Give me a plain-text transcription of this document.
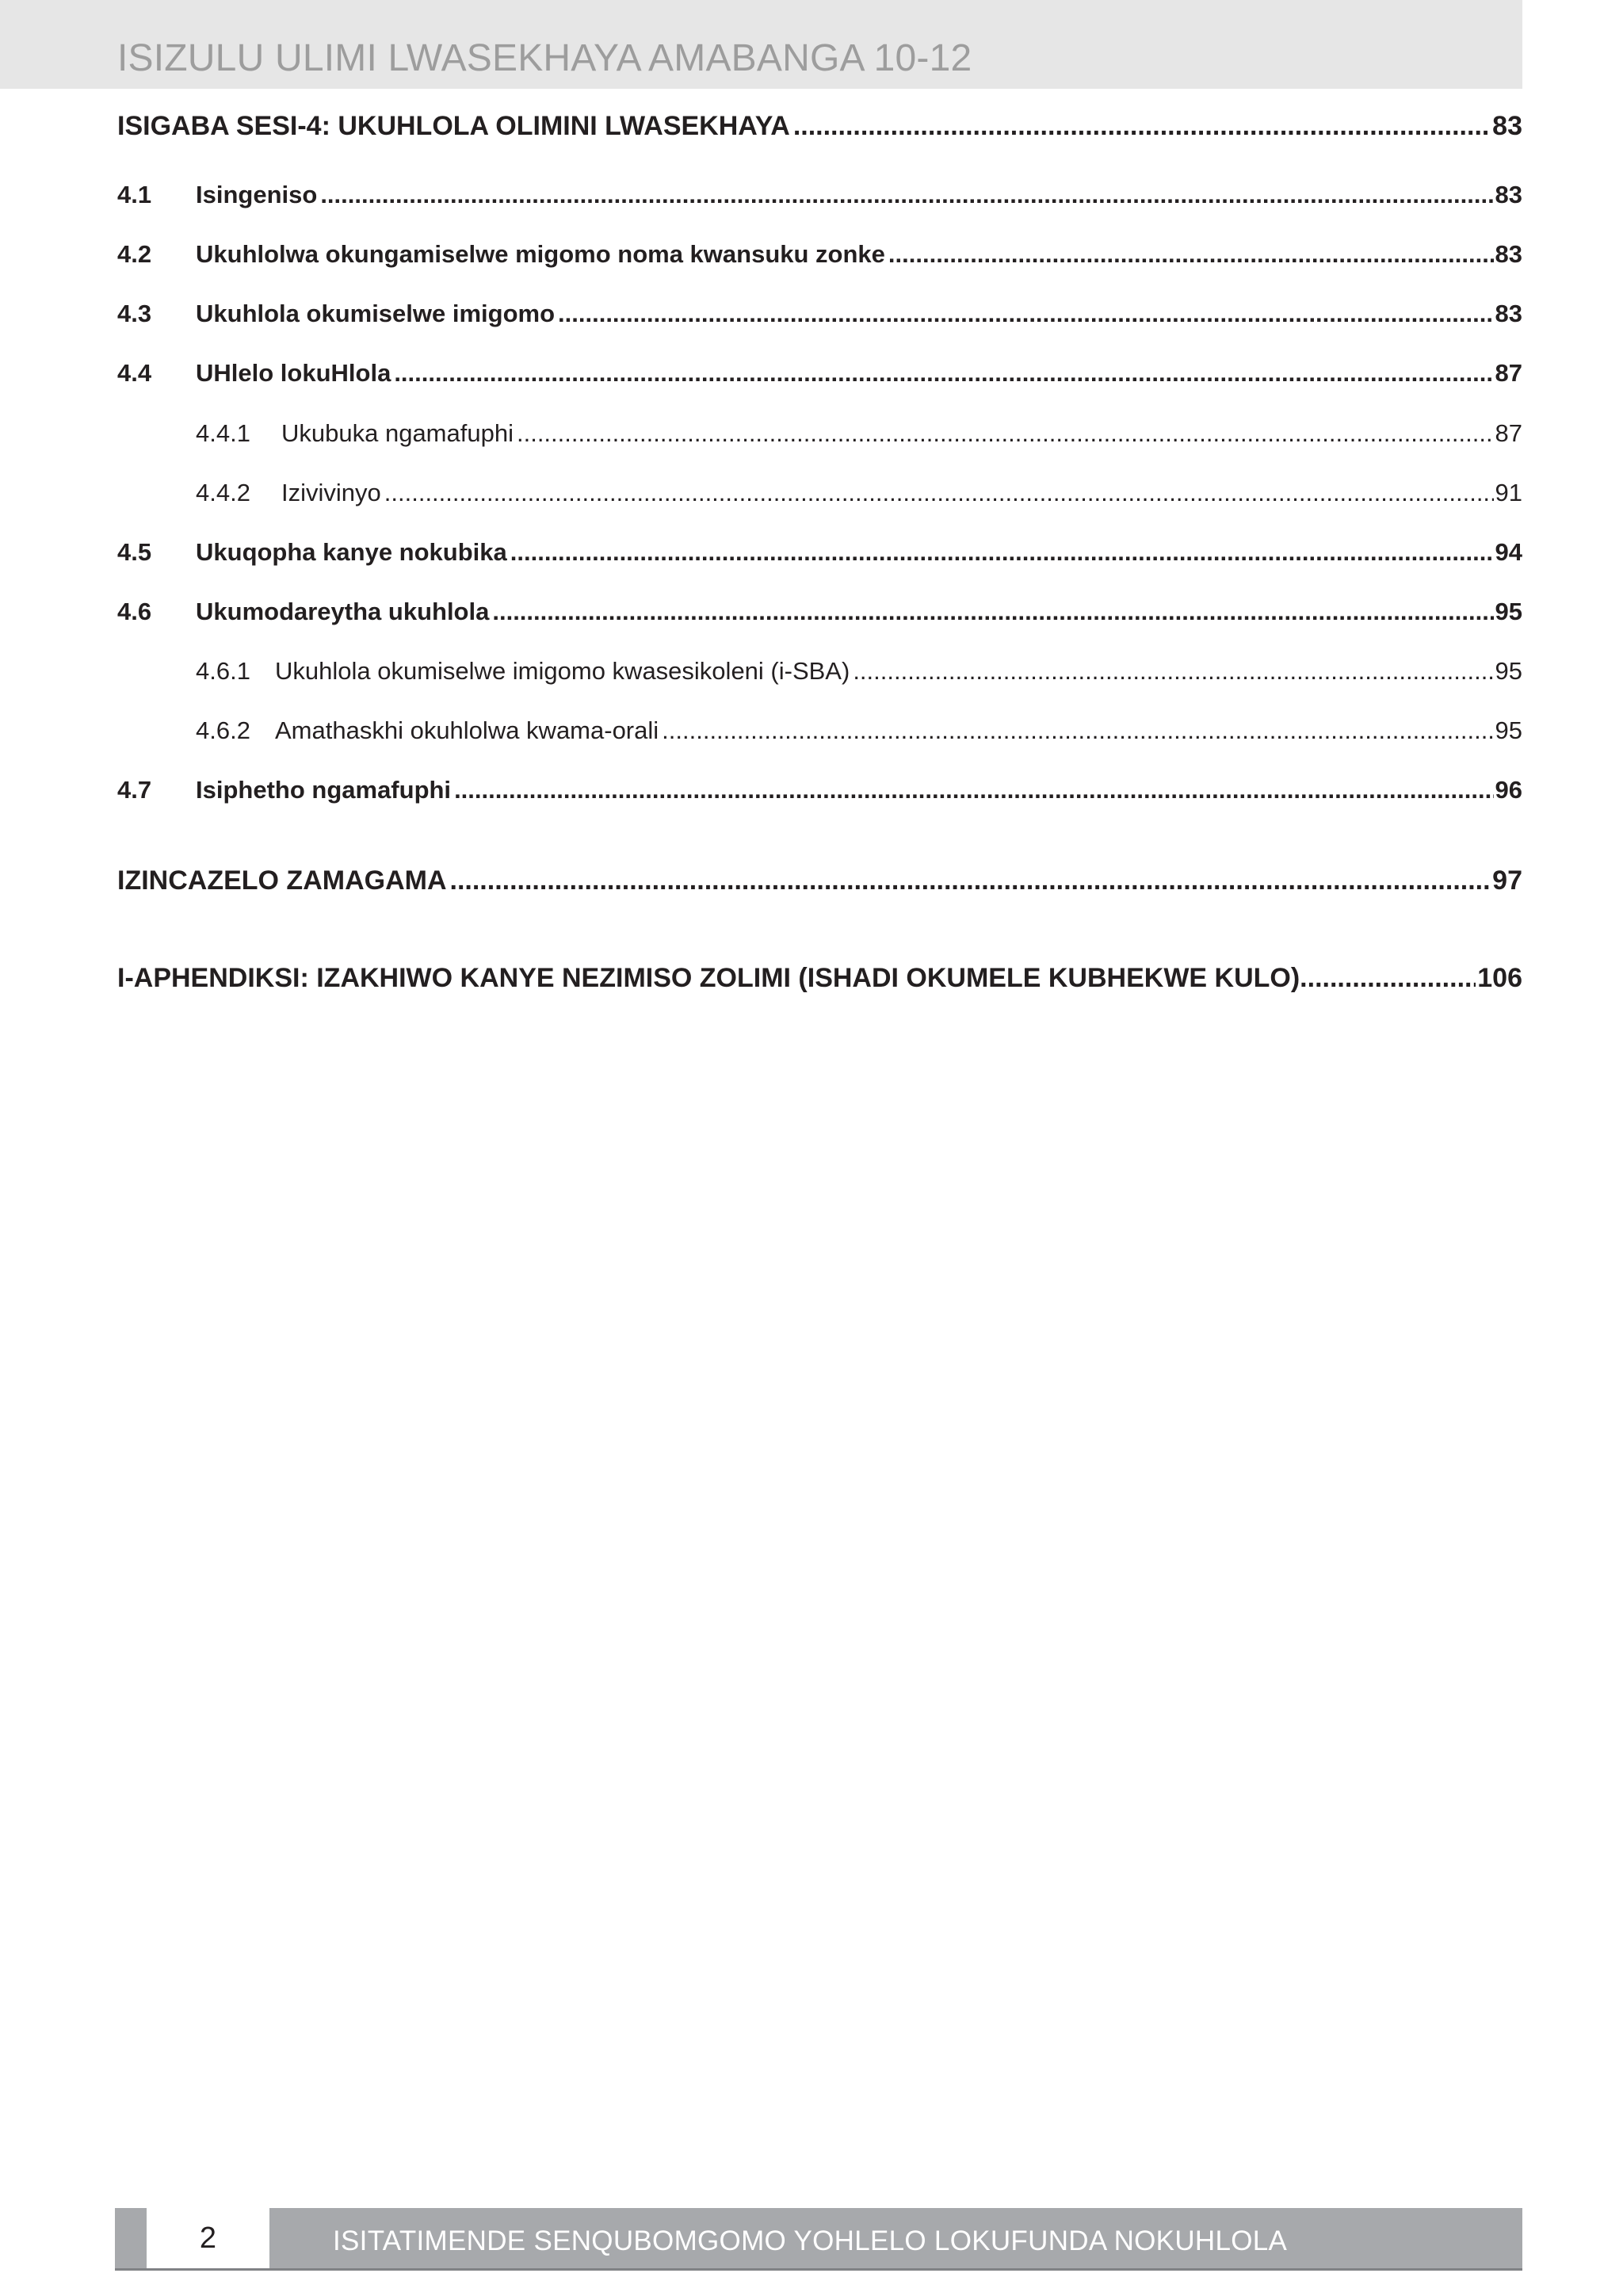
ISIZULU ULIMI LWASEKHAYA AMABANGA 10-12
ISIGABA SESI-4: UKUHLOLA OLIMINI LWASEKHAYA .....	83
4.1	Isingeniso .....	83
4.2	Ukuhlolwa okungamiselwe migomo noma kwansuku zonke .....	83
4.3	Ukuhlola okumiselwe imigomo .....	83
4.4	UHlelo lokuHlola .....	87
4.4.1	Ukubuka ngamafuphi .....	87
4.4.2	Izivivinyo .....	91
4.5	Ukuqopha kanye nokubika .....	94
4.6	Ukumodareytha ukuhlola .....	95
4.6.1	Ukuhlola okumiselwe imigomo kwasesikoleni (i-SBA) .....	95
4.6.2	Amathaskhi okuhlolwa kwama-orali .....	95
4.7	Isiphetho ngamafuphi .....	96
IZINCAZELO ZAMAGAMA .....	97
I-APHENDIKSI: IZAKHIWO KANYE NEZIMISO ZOLIMI (ISHADI OKUMELE KUBHEKWE KULO). .....	106
2	ISITATIMENDE SENQUBOMGOMO YOHLELO LOKUFUNDA NOKUHLOLA
